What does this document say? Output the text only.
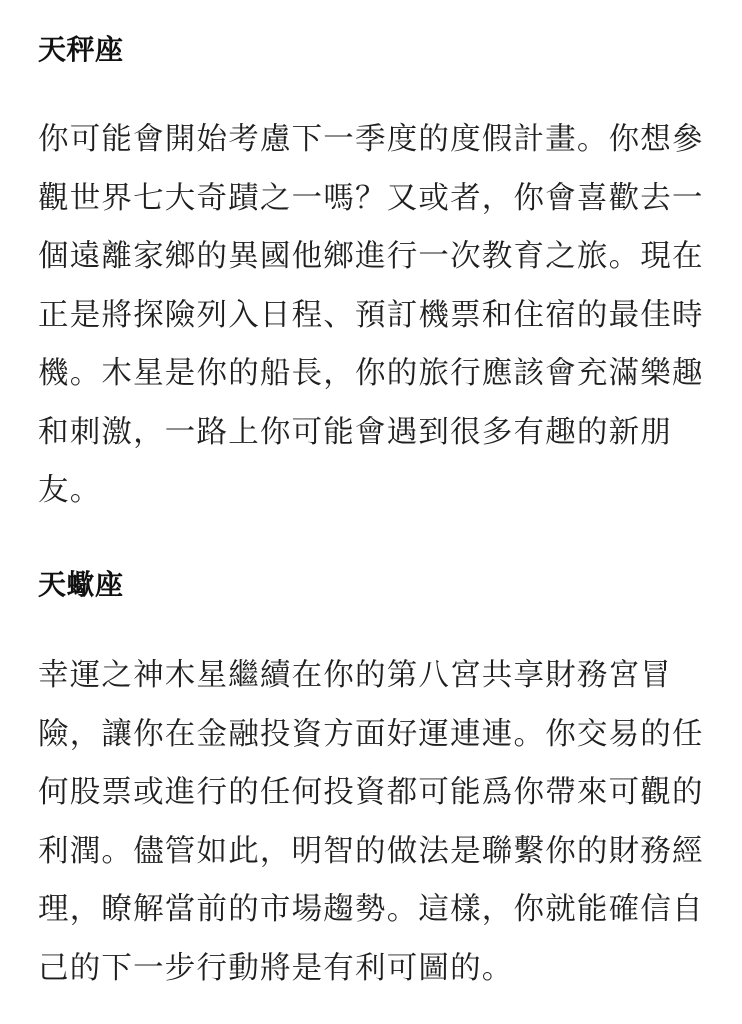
天秤座

你可能會開始考慮下一季度的度假計畫。你想參觀世界七大奇蹟之一嗎？又或者，你會喜歡去一個遠離家鄉的異國他鄉進行一次教育之旅。現在正是將探險列入日程、預訂機票和住宿的最佳時機。木星是你的船長，你的旅行應該會充滿樂趣和刺激，一路上你可能會遇到很多有趣的新朋友。

天蠍座

幸運之神木星繼續在你的第八宮共享財務宮冒險，讓你在金融投資方面好運連連。你交易的任何股票或進行的任何投資都可能爲你帶來可觀的利潤。儘管如此，明智的做法是聯繫你的財務經理，瞭解當前的市場趨勢。這樣，你就能確信自己的下一步行動將是有利可圖的。
